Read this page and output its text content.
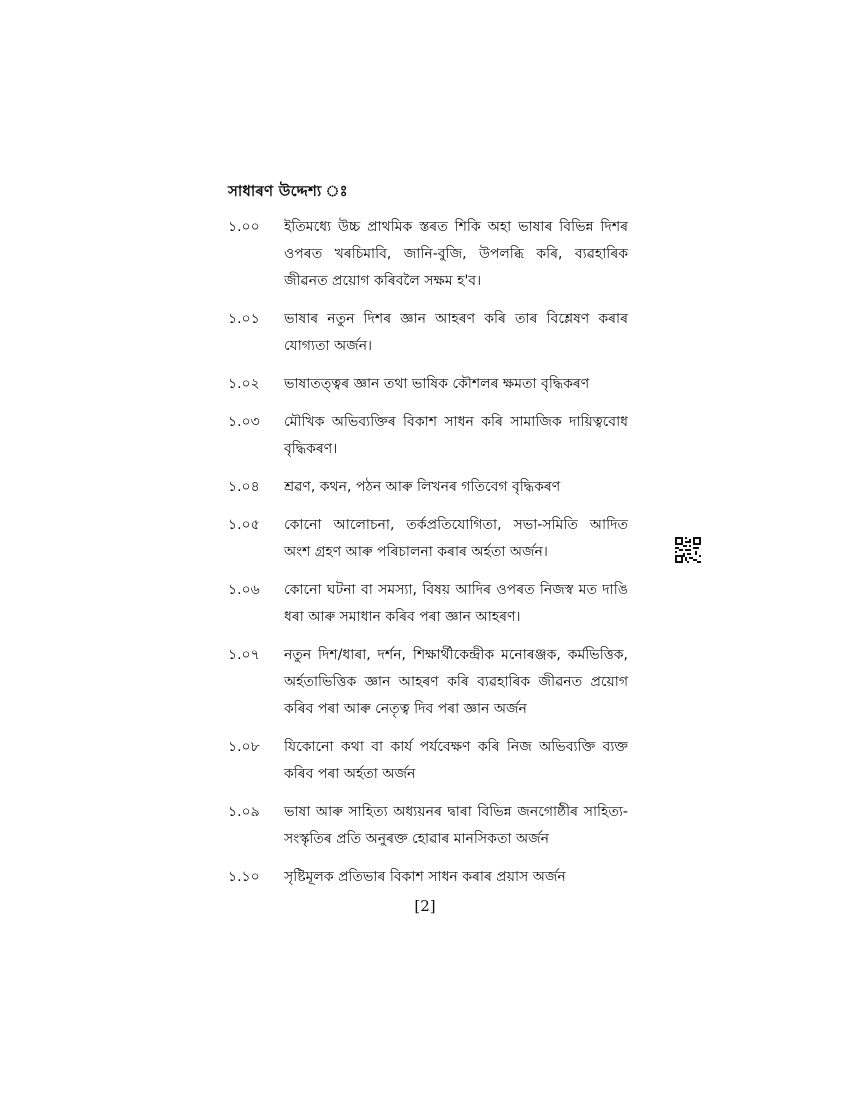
সাধাৰণ উদ্দেশ্য ঃ
১.০০	ইতিমধ্যে উচ্চ প্ৰাথমিক স্তৰত শিকি অহা ভাষাৰ বিভিন্ন দিশৰ ওপৰত খৰচিমাবি, জানি-বুজি, উপলব্ধি কৰি, ব্যৱহাৰিক জীৱনত প্ৰয়োগ কৰিবলৈ সক্ষম হ'ব।
১.০১	ভাষাৰ নতুন দিশৰ জ্ঞান আহৰণ কৰি তাৰ বিশ্লেষণ কৰাৰ যোগ্যতা অৰ্জন।
১.০২	ভাষাতত্ত্বৰ জ্ঞান তথা ভাষিক কৌশলৰ ক্ষমতা বৃদ্ধিকৰণ
১.০৩	মৌখিক অভিব্যক্তিৰ বিকাশ সাধন কৰি সামাজিক দায়িত্ববোধ বৃদ্ধিকৰণ।
১.০৪	শ্ৰৱণ, কথন, পঠন আৰু লিখনৰ গতিবেগ বৃদ্ধিকৰণ
১.০৫	কোনো আলোচনা, তৰ্কপ্ৰতিযোগিতা, সভা-সমিতি আদিত অংশ গ্ৰহণ আৰু পৰিচালনা কৰাৰ অৰ্হতা অৰ্জন।
১.০৬	কোনো ঘটনা বা সমস্যা, বিষয় আদিৰ ওপৰত নিজস্ব মত দাঙি ধৰা আৰু সমাধান কৰিব পৰা জ্ঞান আহৰণ।
১.০৭	নতুন দিশ/ধাৰা, দৰ্শন, শিক্ষাৰ্থীকেন্দ্ৰীক মনোৰঞ্জক, কৰ্মভিত্তিক, অৰ্হতাভিত্তিক জ্ঞান আহৰণ কৰি ব্যৱহাৰিক জীৱনত প্ৰয়োগ কৰিব পৰা আৰু নেতৃত্ব দিব পৰা জ্ঞান অৰ্জন
১.০৮	যিকোনো কথা বা কাৰ্য পৰ্যবেক্ষণ কৰি নিজ অভিব্যক্তি ব্যক্ত কৰিব পৰা অৰ্হতা অৰ্জন
১.০৯	ভাষা আৰু সাহিত্য অধ্যয়নৰ দ্বাৰা বিভিন্ন জনগোষ্ঠীৰ সাহিত্য-সংস্কৃতিৰ প্ৰতি অনুৰক্ত হোৱাৰ মানসিকতা অৰ্জন
১.১০	সৃষ্টিমূলক প্ৰতিভাৰ বিকাশ সাধন কৰাৰ প্ৰয়াস অৰ্জন
[2]
